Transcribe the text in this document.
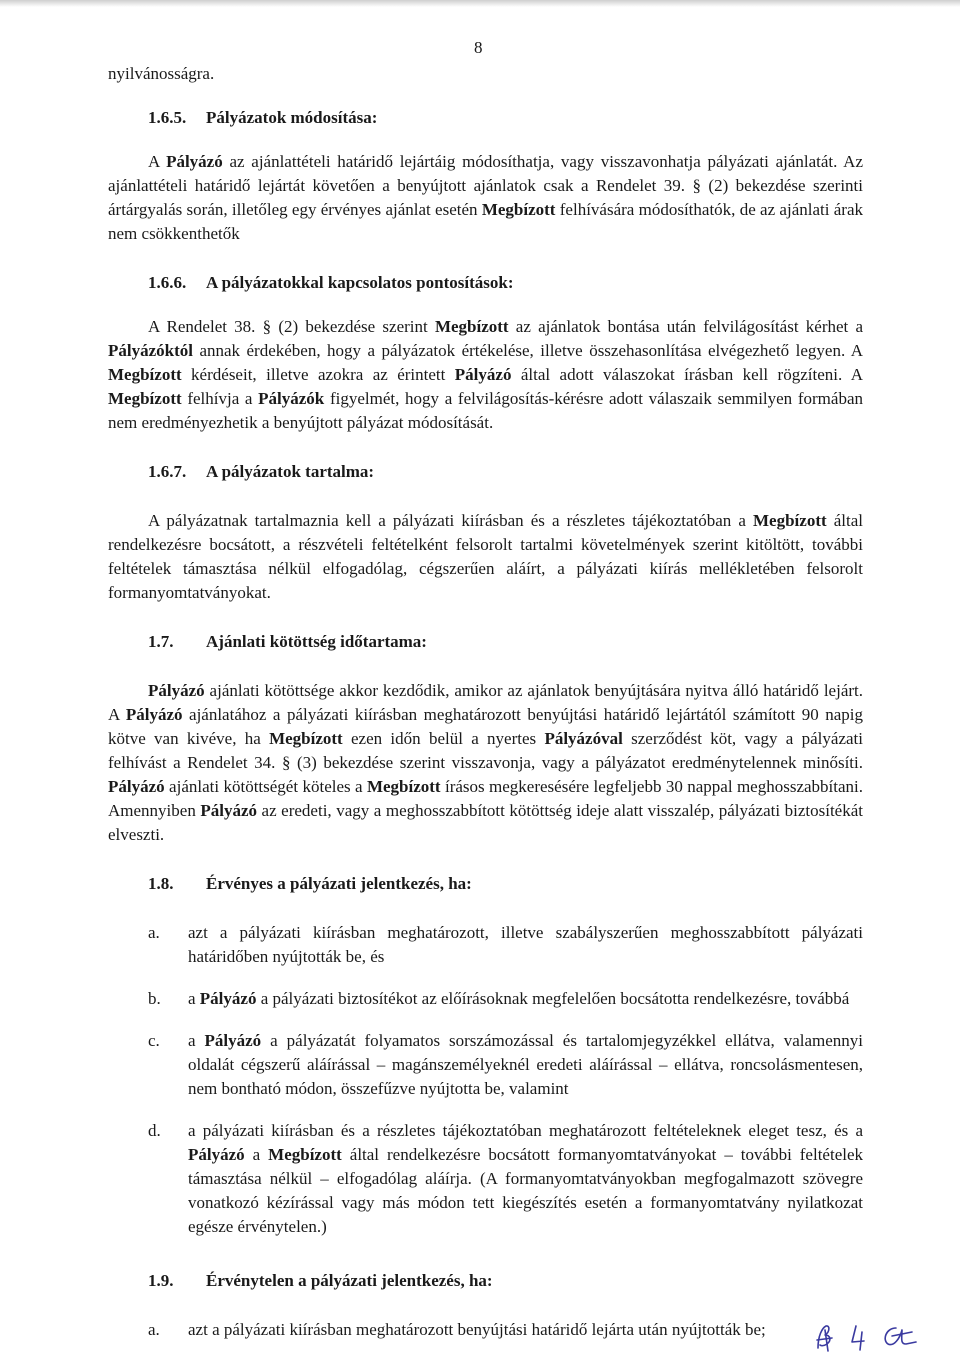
8

nyilvánosságra.

1.6.5. Pályázatok módosítása:

A Pályázó az ajánlattételi határidő lejártáig módosíthatja, vagy visszavonhatja pályázati ajánlatát. Az ajánlattételi határidő lejártát követően a benyújtott ajánlatok csak a Rendelet 39. § (2) bekezdése szerinti ártárgyalás során, illetőleg egy érvényes ajánlat esetén Megbízott felhívására módosíthatók, de az ajánlati árak nem csökkenthetők

1.6.6. A pályázatokkal kapcsolatos pontosítások:

A Rendelet 38. § (2) bekezdése szerint Megbízott az ajánlatok bontása után felvilágosítást kérhet a Pályázóktól annak érdekében, hogy a pályázatok értékelése, illetve összehasonlítása elvégezhető legyen. A Megbízott kérdéseit, illetve azokra az érintett Pályázó által adott válaszokat írásban kell rögzíteni. A Megbízott felhívja a Pályázók figyelmét, hogy a felvilágosítás-kérésre adott válaszaik semmilyen formában nem eredményezhetik a benyújtott pályázat módosítását.

1.6.7. A pályázatok tartalma:

A pályázatnak tartalmaznia kell a pályázati kiírásban és a részletes tájékoztatóban a Megbízott által rendelkezésre bocsátott, a részvételi feltételként felsorolt tartalmi követelmények szerint kitöltött, további feltételek támasztása nélkül elfogadólag, cégszerűen aláírt, a pályázati kiírás mellékletében felsorolt formanyomtatványokat.

1.7. Ajánlati kötöttség időtartama:

Pályázó ajánlati kötöttsége akkor kezdődik, amikor az ajánlatok benyújtására nyitva álló határidő lejárt. A Pályázó ajánlatához a pályázati kiírásban meghatározott benyújtási határidő lejártától számított 90 napig kötve van kivéve, ha Megbízott ezen időn belül a nyertes Pályázóval szerződést köt, vagy a pályázati felhívást a Rendelet 34. § (3) bekezdése szerint visszavonja, vagy a pályázatot eredménytelennek minősíti. Pályázó ajánlati kötöttségét köteles a Megbízott írásos megkeresésére legfeljebb 30 nappal meghosszabbítani. Amennyiben Pályázó az eredeti, vagy a meghosszabbított kötöttség ideje alatt visszalép, pályázati biztosítékát elveszti.

1.8. Érvényes a pályázati jelentkezés, ha:
a.	azt a pályázati kiírásban meghatározott, illetve szabályszerűen meghosszabbított pályázati határidőben nyújtották be, és
b.	a Pályázó a pályázati biztosítékot az előírásoknak megfelelően bocsátotta rendelkezésre, továbbá
c.	a Pályázó a pályázatát folyamatos sorszámozással és tartalomjegyzékkel ellátva, valamennyi oldalát cégszerű aláírással – magánszemélyeknél eredeti aláírással – ellátva, roncsolásmentesen, nem bontható módon, összefűzve nyújtotta be, valamint
d.	a pályázati kiírásban és a részletes tájékoztatóban meghatározott feltételeknek eleget tesz, és a Pályázó a Megbízott által rendelkezésre bocsátott formanyomtatványokat – további feltételek támasztása nélkül – elfogadólag aláírja. (A formanyomtatványokban megfogalmazott szövegre vonatkozó kézírással vagy más módon tett kiegészítés esetén a formanyomtatvány nyilatkozat egésze érvénytelen.)
1.9. Érvénytelen a pályázati jelentkezés, ha:
a.	azt a pályázati kiírásban meghatározott benyújtási határidő lejárta után nyújtották be;
